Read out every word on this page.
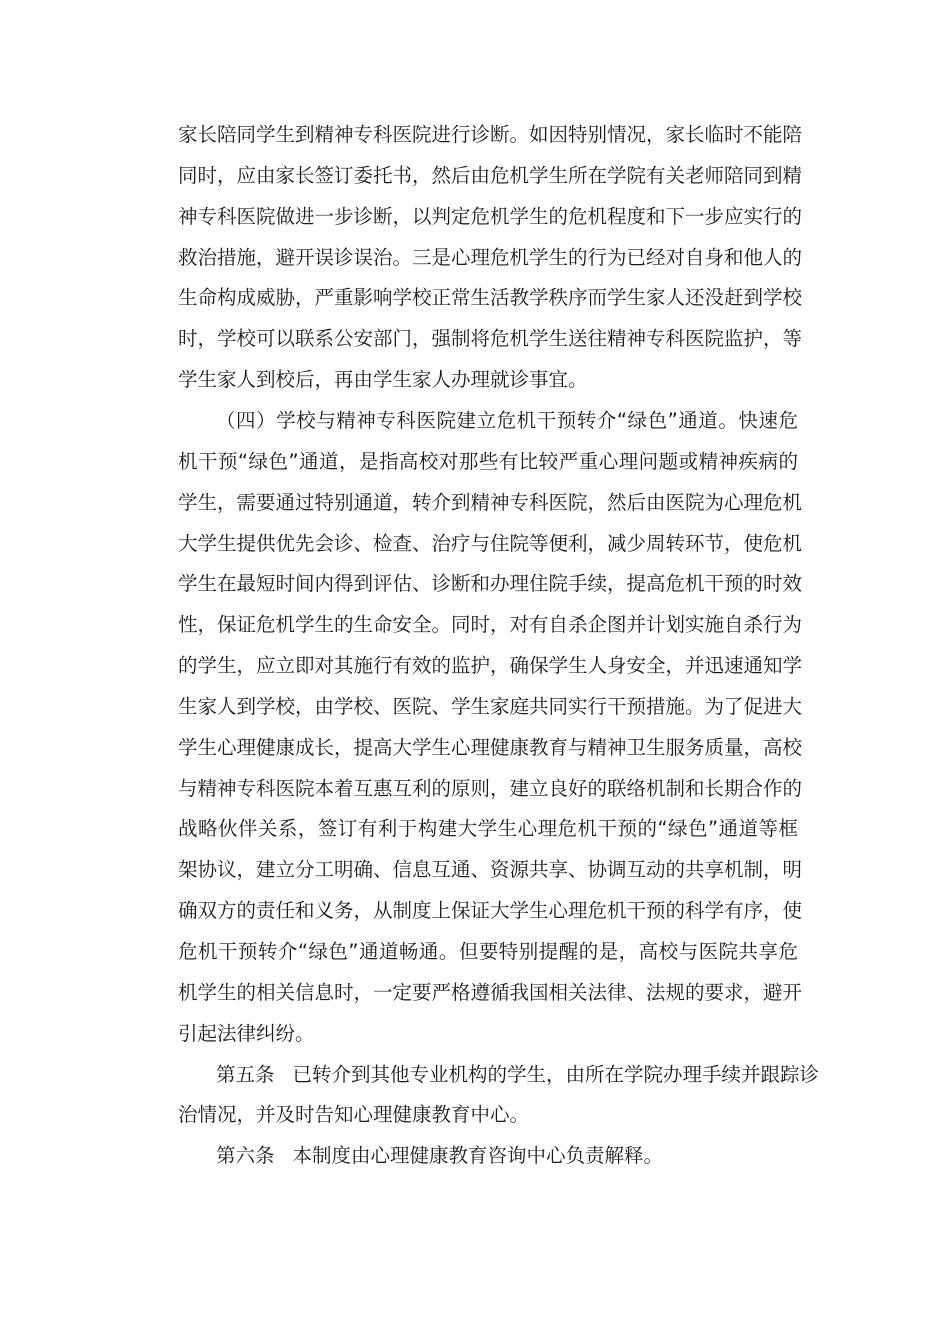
家长陪同学生到精神专科医院进行诊断。如因特别情况，家长临时不能陪
同时，应由家长签订委托书，然后由危机学生所在学院有关老师陪同到精
神专科医院做进一步诊断，以判定危机学生的危机程度和下一步应实行的
救治措施，避开误诊误治。三是心理危机学生的行为已经对自身和他人的
生命构成威胁，严重影响学校正常生活教学秩序而学生家人还没赶到学校
时，学校可以联系公安部门，强制将危机学生送往精神专科医院监护，等
学生家人到校后，再由学生家人办理就诊事宜。
（四）学校与精神专科医院建立危机干预转介“绿色”通道。快速危
机干预“绿色”通道，是指高校对那些有比较严重心理问题或精神疾病的
学生，需要通过特别通道，转介到精神专科医院，然后由医院为心理危机
大学生提供优先会诊、检查、治疗与住院等便利，减少周转环节，使危机
学生在最短时间内得到评估、诊断和办理住院手续，提高危机干预的时效
性，保证危机学生的生命安全。同时，对有自杀企图并计划实施自杀行为
的学生，应立即对其施行有效的监护，确保学生人身安全，并迅速通知学
生家人到学校，由学校、医院、学生家庭共同实行干预措施。为了促进大
学生心理健康成长，提高大学生心理健康教育与精神卫生服务质量，高校
与精神专科医院本着互惠互利的原则，建立良好的联络机制和长期合作的
战略伙伴关系，签订有利于构建大学生心理危机干预的“绿色”通道等框
架协议，建立分工明确、信息互通、资源共享、协调互动的共享机制，明
确双方的责任和义务，从制度上保证大学生心理危机干预的科学有序，使
危机干预转介“绿色”通道畅通。但要特别提醒的是，高校与医院共享危
机学生的相关信息时，一定要严格遵循我国相关法律、法规的要求，避开
引起法律纠纷。
第五条 已转介到其他专业机构的学生，由所在学院办理手续并跟踪诊
治情况，并及时告知心理健康教育中心。
第六条 本制度由心理健康教育咨询中心负责解释。
